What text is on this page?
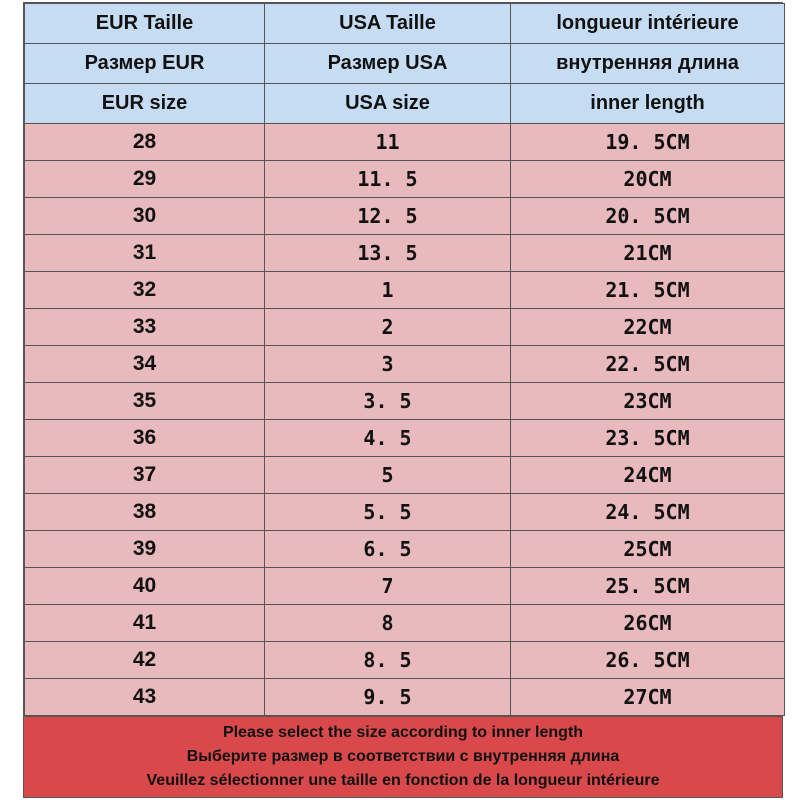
EUR Taille	USA Taille	longueur intérieure
Размер EUR	Размер USA	внутренняя длина
EUR size	USA size	inner length
28	11	19. 5CM
29	11. 5	20CM
30	12. 5	20. 5CM
31	13. 5	21CM
32	1	21. 5CM
33	2	22CM
34	3	22. 5CM
35	3. 5	23CM
36	4. 5	23. 5CM
37	5	24CM
38	5. 5	24. 5CM
39	6. 5	25CM
40	7	25. 5CM
41	8	26CM
42	8. 5	26. 5CM
43	9. 5	27CM
Please select the size according to inner length
Выберите размер в соответствии с внутренняя длина
Veuillez sélectionner une taille en fonction de la longueur intérieure
